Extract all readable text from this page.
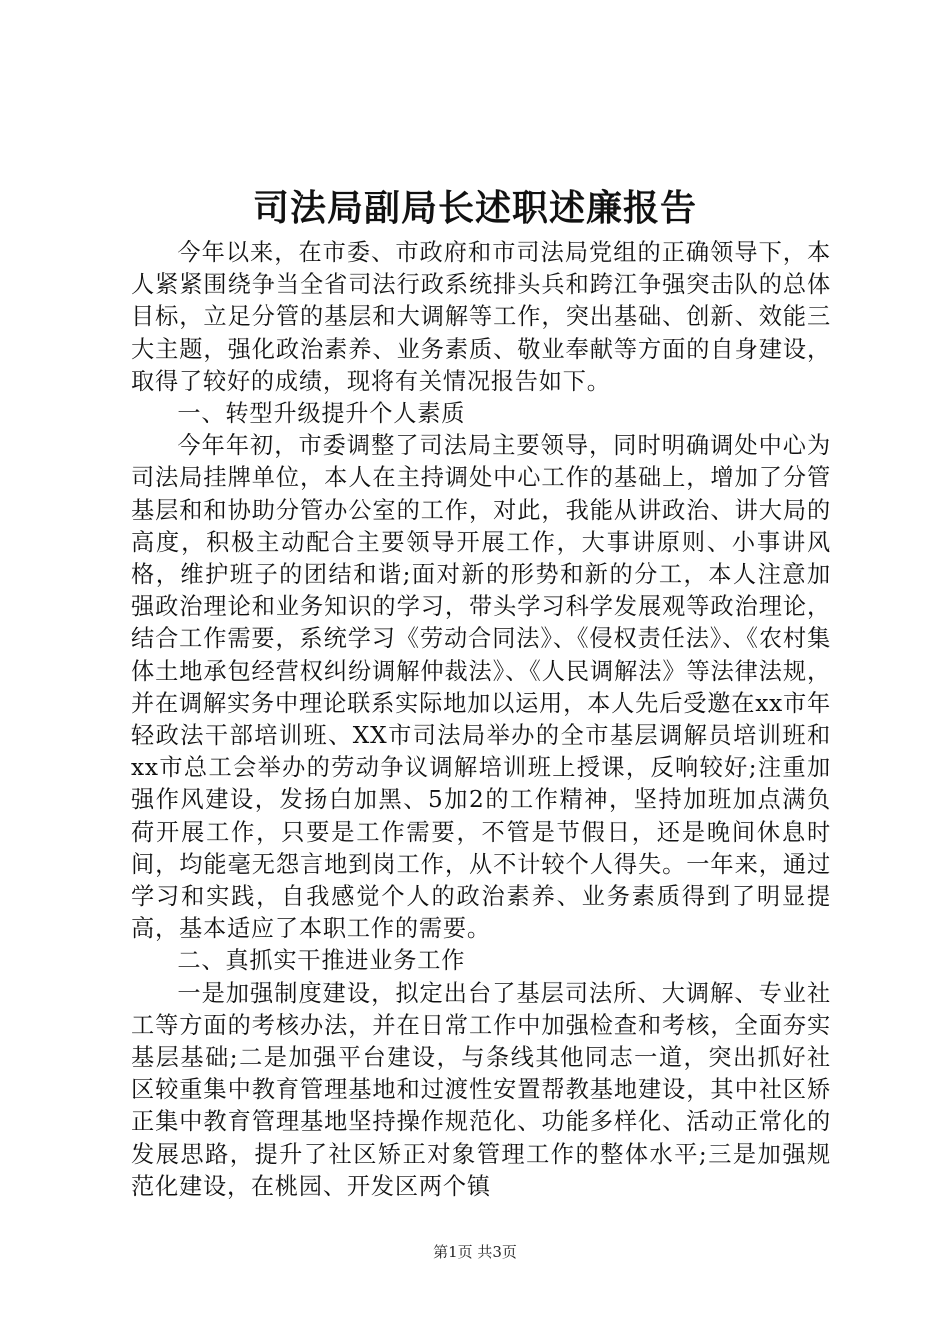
司法局副局长述职述廉报告

今年以来，在市委、市政府和市司法局党组的正确领导下，本人紧紧围绕争当全省司法行政系统排头兵和跨江争强突击队的总体目标，立足分管的基层和大调解等工作，突出基础、创新、效能三大主题，强化政治素养、业务素质、敬业奉献等方面的自身建设，取得了较好的成绩，现将有关情况报告如下。

一、转型升级提升个人素质

今年年初，市委调整了司法局主要领导，同时明确调处中心为司法局挂牌单位，本人在主持调处中心工作的基础上，增加了分管基层和和协助分管办公室的工作，对此，我能从讲政治、讲大局的高度，积极主动配合主要领导开展工作，大事讲原则、小事讲风格，维护班子的团结和谐;面对新的形势和新的分工，本人注意加强政治理论和业务知识的学习，带头学习科学发展观等政治理论，结合工作需要，系统学习《劳动合同法》、《侵权责任法》、《农村集体土地承包经营权纠纷调解仲裁法》、《人民调解法》等法律法规，并在调解实务中理论联系实际地加以运用，本人先后受邀在xx市年轻政法干部培训班、XX市司法局举办的全市基层调解员培训班和xx市总工会举办的劳动争议调解培训班上授课，反响较好;注重加强作风建设，发扬白加黑、5加2的工作精神，坚持加班加点满负荷开展工作，只要是工作需要，不管是节假日，还是晚间休息时间，均能毫无怨言地到岗工作，从不计较个人得失。一年来，通过学习和实践，自我感觉个人的政治素养、业务素质得到了明显提高，基本适应了本职工作的需要。

二、真抓实干推进业务工作

一是加强制度建设，拟定出台了基层司法所、大调解、专业社工等方面的考核办法，并在日常工作中加强检查和考核，全面夯实基层基础;二是加强平台建设，与条线其他同志一道，突出抓好社区较重集中教育管理基地和过渡性安置帮教基地建设，其中社区矫正集中教育管理基地坚持操作规范化、功能多样化、活动正常化的发展思路，提升了社区矫正对象管理工作的整体水平;三是加强规范化建设，在桃园、开发区两个镇

第1页 共3页
